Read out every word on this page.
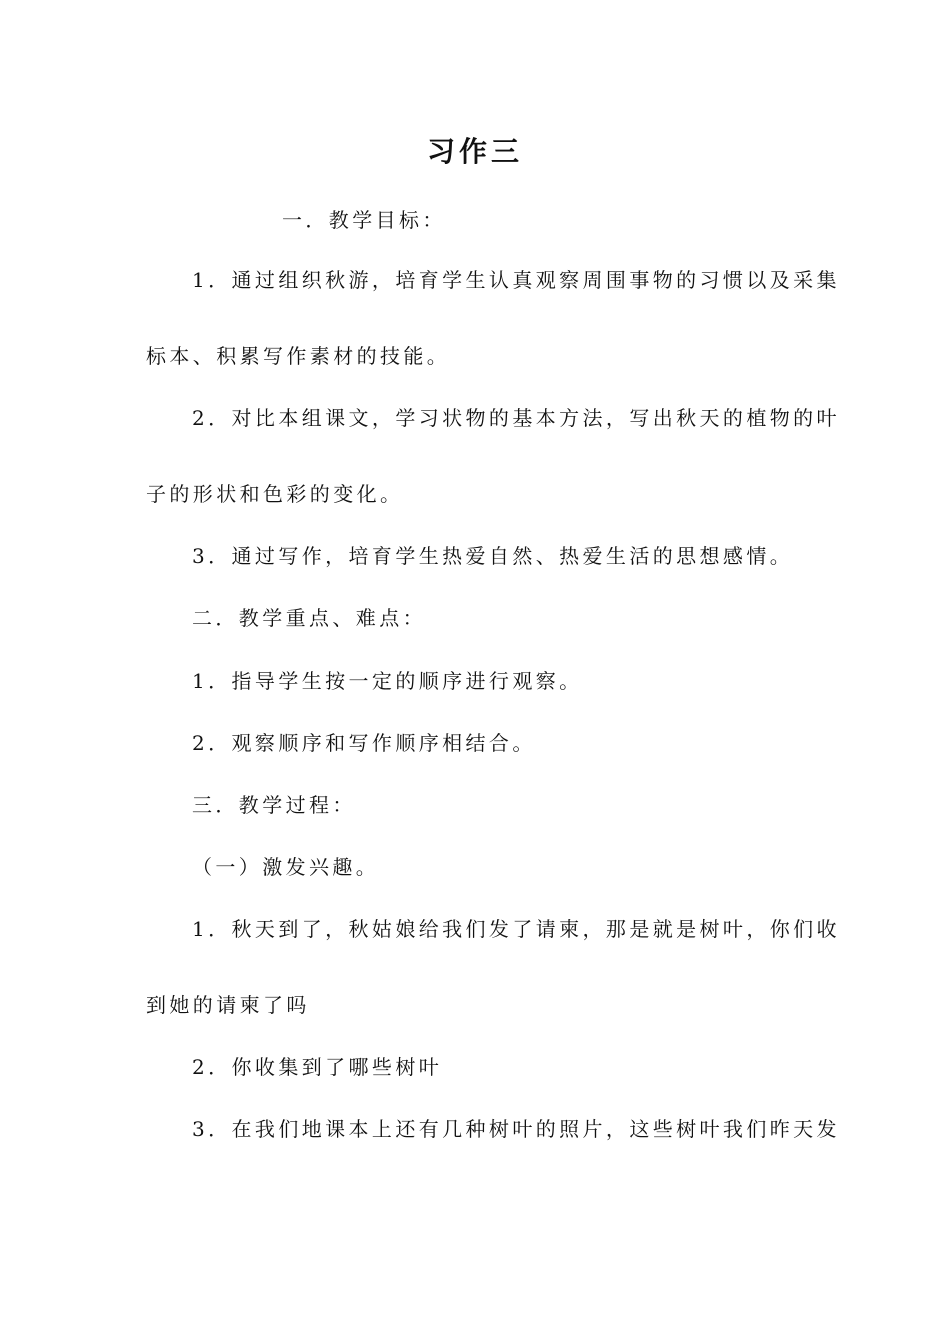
习作三
一．教学目标：
1．通过组织秋游，培育学生认真观察周围事物的习惯以及采集
标本、积累写作素材的技能。
2．对比本组课文，学习状物的基本方法，写出秋天的植物的叶
子的形状和色彩的变化。
3．通过写作，培育学生热爱自然、热爱生活的思想感情。
二．教学重点、难点：
1．指导学生按一定的顺序进行观察。
2．观察顺序和写作顺序相结合。
三．教学过程：
（一）激发兴趣。
1．秋天到了，秋姑娘给我们发了请柬，那是就是树叶，你们收
到她的请柬了吗
2．你收集到了哪些树叶
3．在我们地课本上还有几种树叶的照片，这些树叶我们昨天发
